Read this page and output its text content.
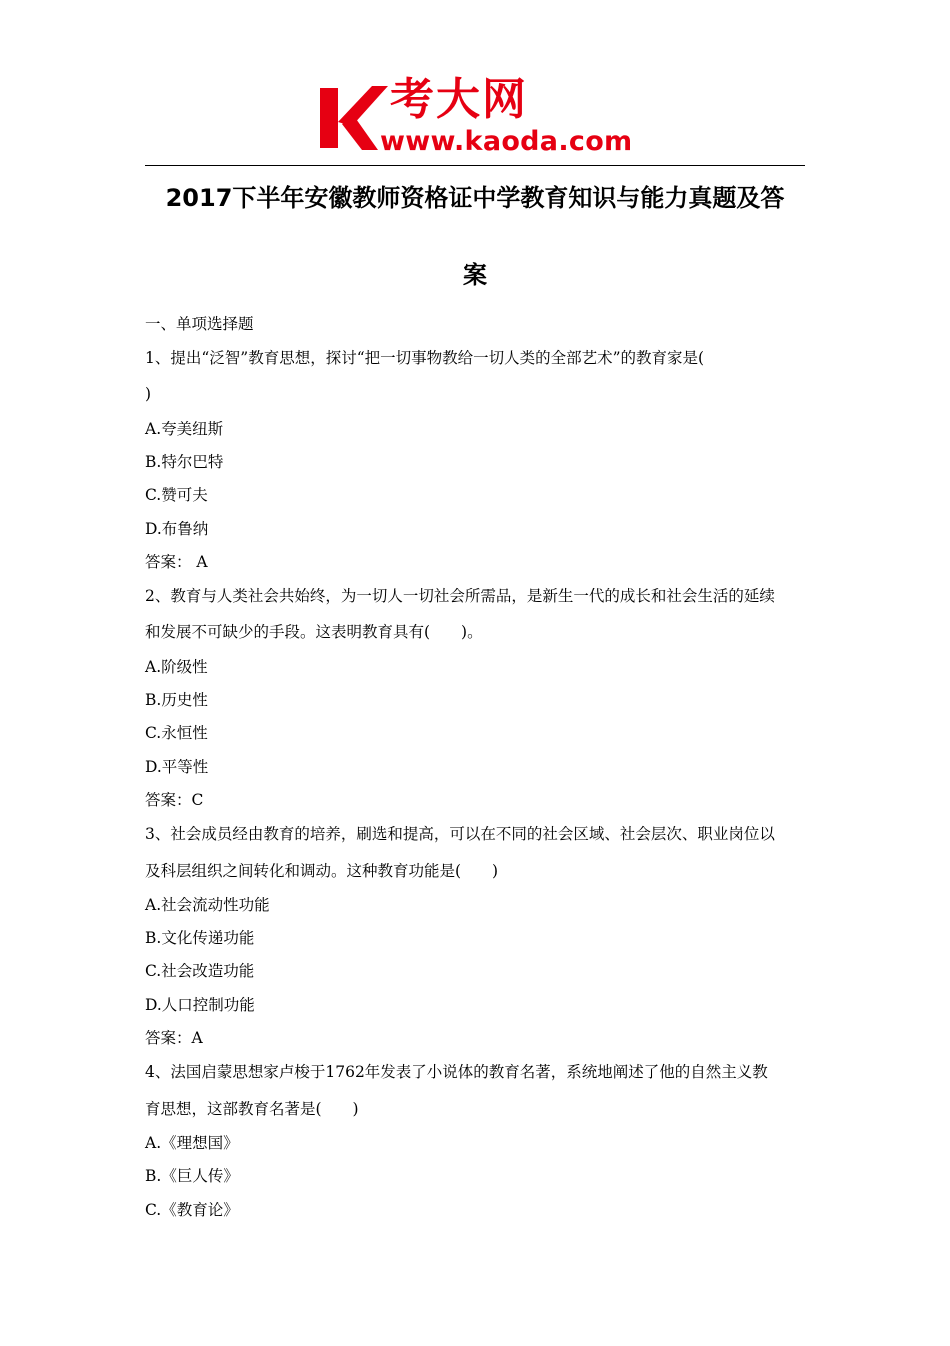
考大网
www.kaoda.com
2017下半年安徽教师资格证中学教育知识与能力真题及答
案
一、单项选择题
1、提出“泛智”教育思想，探讨“把一切事物教给一切人类的全部艺术”的教育家是(
)
A.夸美纽斯
B.特尔巴特
C.赞可夫
D.布鲁纳
答案： A
2、教育与人类社会共始终，为一切人一切社会所需品，是新生一代的成长和社会生活的延续
和发展不可缺少的手段。这表明教育具有(　　)。
A.阶级性
B.历史性
C.永恒性
D.平等性
答案：C
3、社会成员经由教育的培养，刷选和提高，可以在不同的社会区域、社会层次、职业岗位以
及科层组织之间转化和调动。这种教育功能是(　　)
A.社会流动性功能
B.文化传递功能
C.社会改造功能
D.人口控制功能
答案：A
4、法国启蒙思想家卢梭于1762年发表了小说体的教育名著，系统地阐述了他的自然主义教
育思想，这部教育名著是(　　)
A.《理想国》
B.《巨人传》
C.《教育论》
